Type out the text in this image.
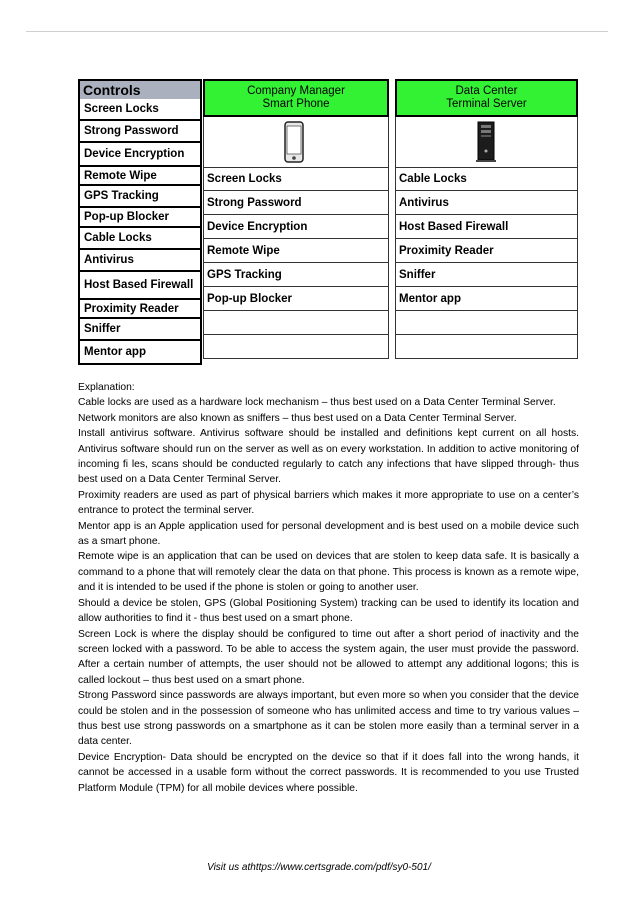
Controls
Screen Locks
Strong Password
Device Encryption
Remote Wipe
GPS Tracking
Pop-up Blocker
Cable Locks
Antivirus
Host Based Firewall
Proximity Reader
Sniffer
Mentor app
Company Manager
Smart Phone
Screen Locks
Strong Password
Device Encryption
Remote Wipe
GPS Tracking
Pop-up Blocker
Data Center
Terminal Server
Cable Locks
Antivirus
Host Based Firewall
Proximity Reader
Sniffer
Mentor app

Explanation:

Cable locks are used as a hardware lock mechanism – thus best used on a Data Center Terminal Server.

Network monitors are also known as sniffers – thus best used on a Data Center Terminal Server.

Install antivirus software. Antivirus software should be installed and definitions kept current on all hosts. Antivirus software should run on the server as well as on every workstation. In addition to active monitoring of incoming fi les, scans should be conducted regularly to catch any infections that have slipped through- thus best used on a Data Center Terminal Server.

Proximity readers are used as part of physical barriers which makes it more appropriate to use on a center’s entrance to protect the terminal server.

Mentor app is an Apple application used for personal development and is best used on a mobile device such as a smart phone.

Remote wipe is an application that can be used on devices that are stolen to keep data safe. It is basically a command to a phone that will remotely clear the data on that phone. This process is known as a remote wipe, and it is intended to be used if the phone is stolen or going to another user.

Should a device be stolen, GPS (Global Positioning System) tracking can be used to identify its location and allow authorities to find it - thus best used on a smart phone.

Screen Lock is where the display should be configured to time out after a short period of inactivity and the screen locked with a password. To be able to access the system again, the user must provide the password. After a certain number of attempts, the user should not be allowed to attempt any additional logons; this is called lockout – thus best used on a smart phone.

Strong Password since passwords are always important, but even more so when you consider that the device could be stolen and in the possession of someone who has unlimited access and time to try various values – thus best use strong passwords on a smartphone as it can be stolen more easily than a terminal server in a data center.

Device Encryption- Data should be encrypted on the device so that if it does fall into the wrong hands, it cannot be accessed in a usable form without the correct passwords. It is recommended to you use Trusted Platform Module (TPM) for all mobile devices where possible.

Visit us athttps://www.certsgrade.com/pdf/sy0-501/
